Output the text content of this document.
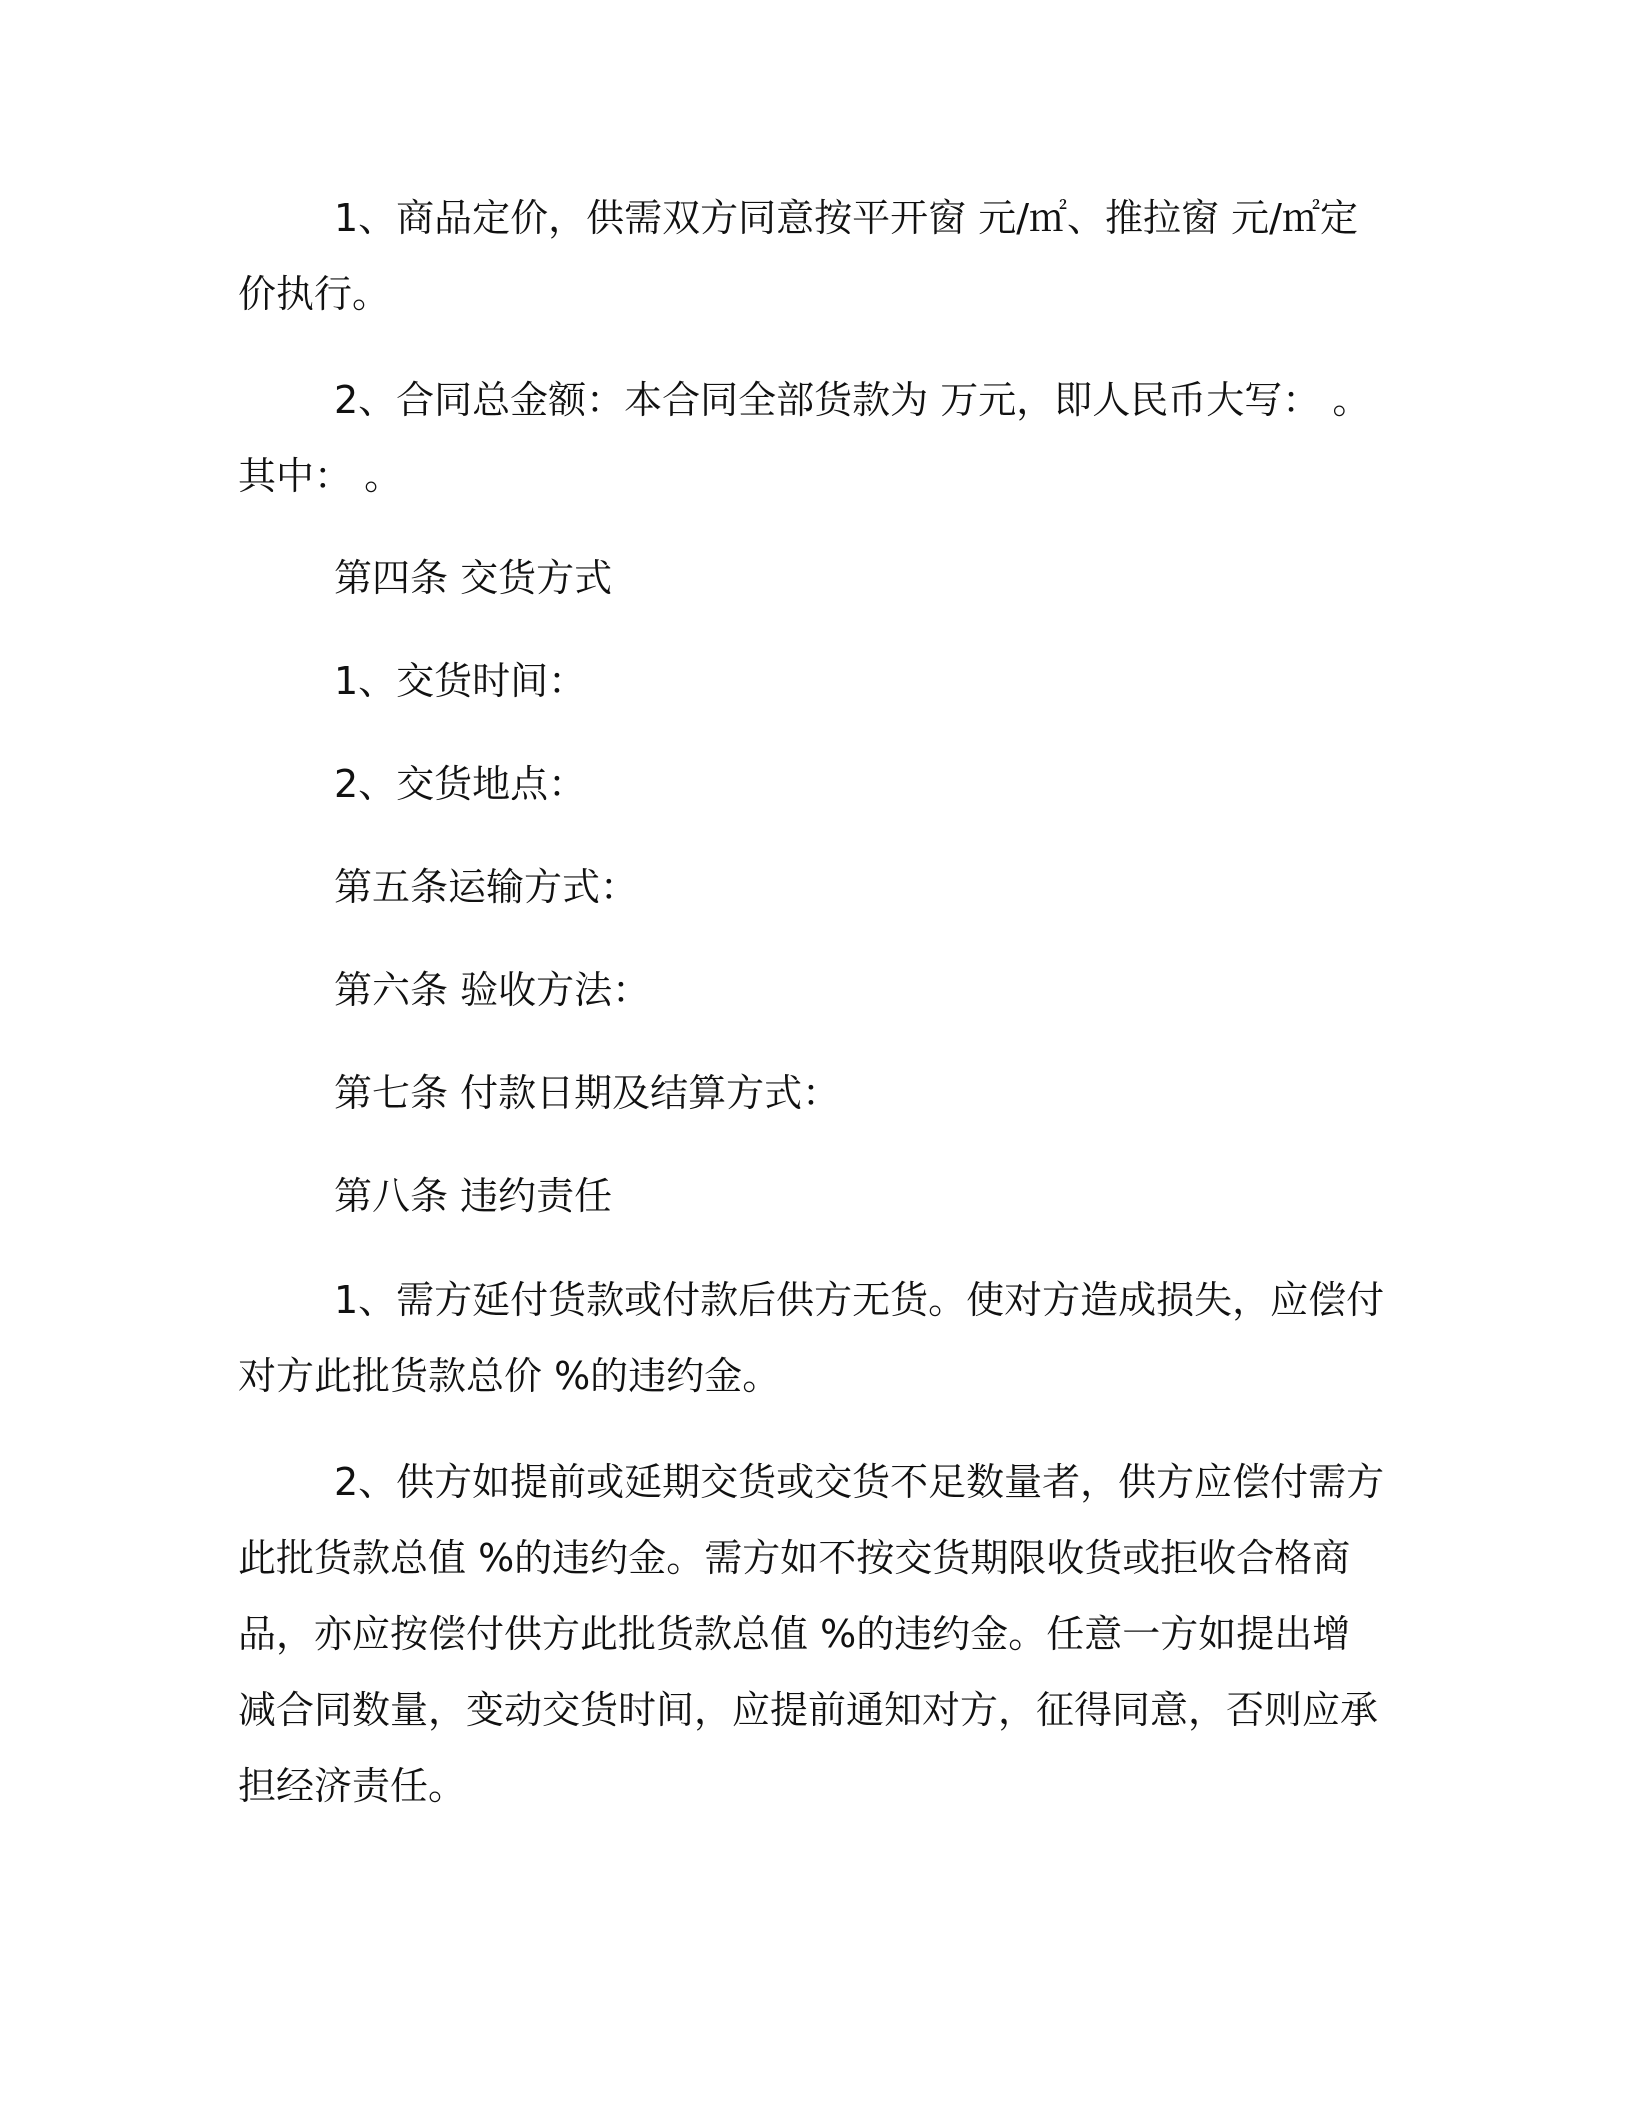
1、商品定价，供需双方同意按平开窗 元/㎡、推拉窗 元/㎡定价执行。

2、合同总金额：本合同全部货款为 万元，即人民币大写： 。其中： 。

第四条 交货方式

1、交货时间：

2、交货地点：

第五条运输方式：

第六条 验收方法：

第七条 付款日期及结算方式：

第八条 违约责任

1、需方延付货款或付款后供方无货。使对方造成损失，应偿付对方此批货款总价 %的违约金。

2、供方如提前或延期交货或交货不足数量者，供方应偿付需方此批货款总值 %的违约金。需方如不按交货期限收货或拒收合格商品，亦应按偿付供方此批货款总值 %的违约金。任意一方如提出增减合同数量，变动交货时间，应提前通知对方，征得同意，否则应承担经济责任。
